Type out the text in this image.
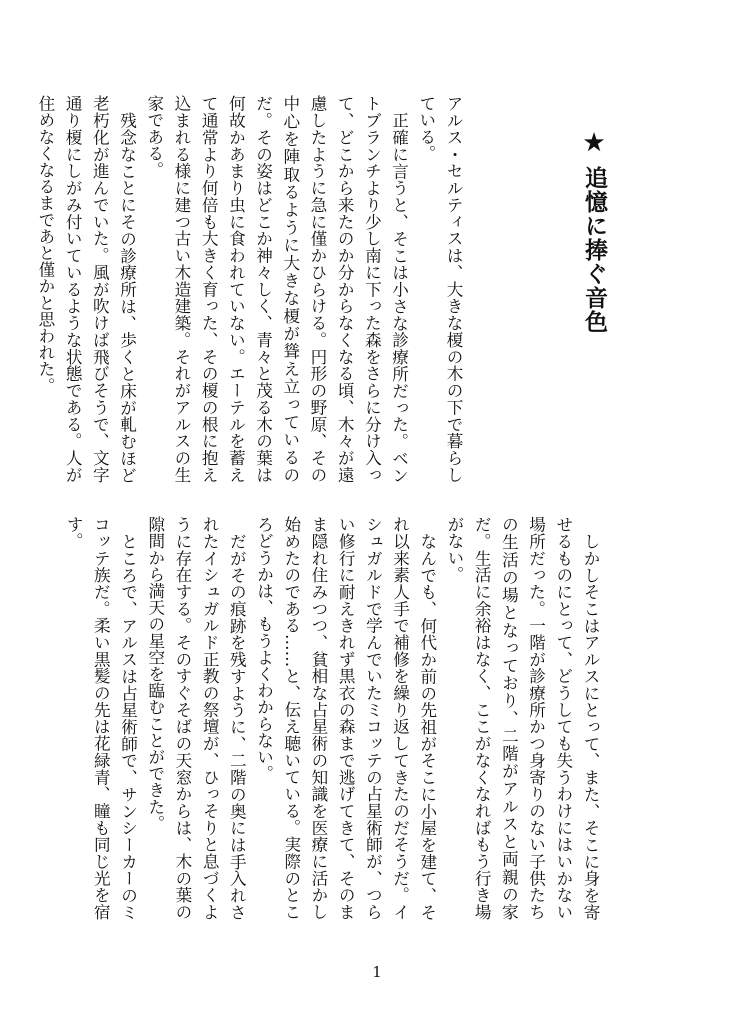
★ 追憶に捧ぐ音色

アルス・セルティスは、大きな榎の木の下で暮らしている。

正確に言うと、そこは小さな診療所だった。ベントブランチより少し南に下った森をさらに分け入って、どこから来たのか分からなくなる頃、木々が遠慮したように急に僅かひらける。円形の野原、その中心を陣取るように大きな榎が聳え立っているのだ。その姿はどこか神々しく、青々と茂る木の葉は何故かあまり虫に食われていない。エーテルを蓄えて通常より何倍も大きく育った、その榎の根に抱え込まれる様に建つ古い木造建築。それがアルスの生家である。

残念なことにその診療所は、歩くと床が軋むほど老朽化が進んでいた。風が吹けば飛びそうで、文字通り榎にしがみ付いているような状態である。人が住めなくなるまであと僅かと思われた。

しかしそこはアルスにとって、また、そこに身を寄せるものにとって、どうしても失うわけにはいかない場所だった。一階が診療所かつ身寄りのない子供たちの生活の場となっており、二階がアルスと両親の家だ。生活に余裕はなく、ここがなくなればもう行き場がない。

なんでも、何代か前の先祖がそこに小屋を建て、それ以来素人手で補修を繰り返してきたのだそうだ。イシュガルドで学んでいたミコッテの占星術師が、つらい修行に耐えきれず黒衣の森まで逃げてきて、そのまま隠れ住みつつ、貧相な占星術の知識を医療に活かし始めたのである……と、伝え聴いている。実際のところどうかは、もうよくわからない。

だがその痕跡を残すように、二階の奥には手入れされたイシュガルド正教の祭壇が、ひっそりと息づくように存在する。そのすぐそばの天窓からは、木の葉の隙間から満天の星空を臨むことができた。

ところで、アルスは占星術師で、サンシーカーのミコッテ族だ。柔い黒髪の先は花緑青、瞳も同じ光を宿す。

1
